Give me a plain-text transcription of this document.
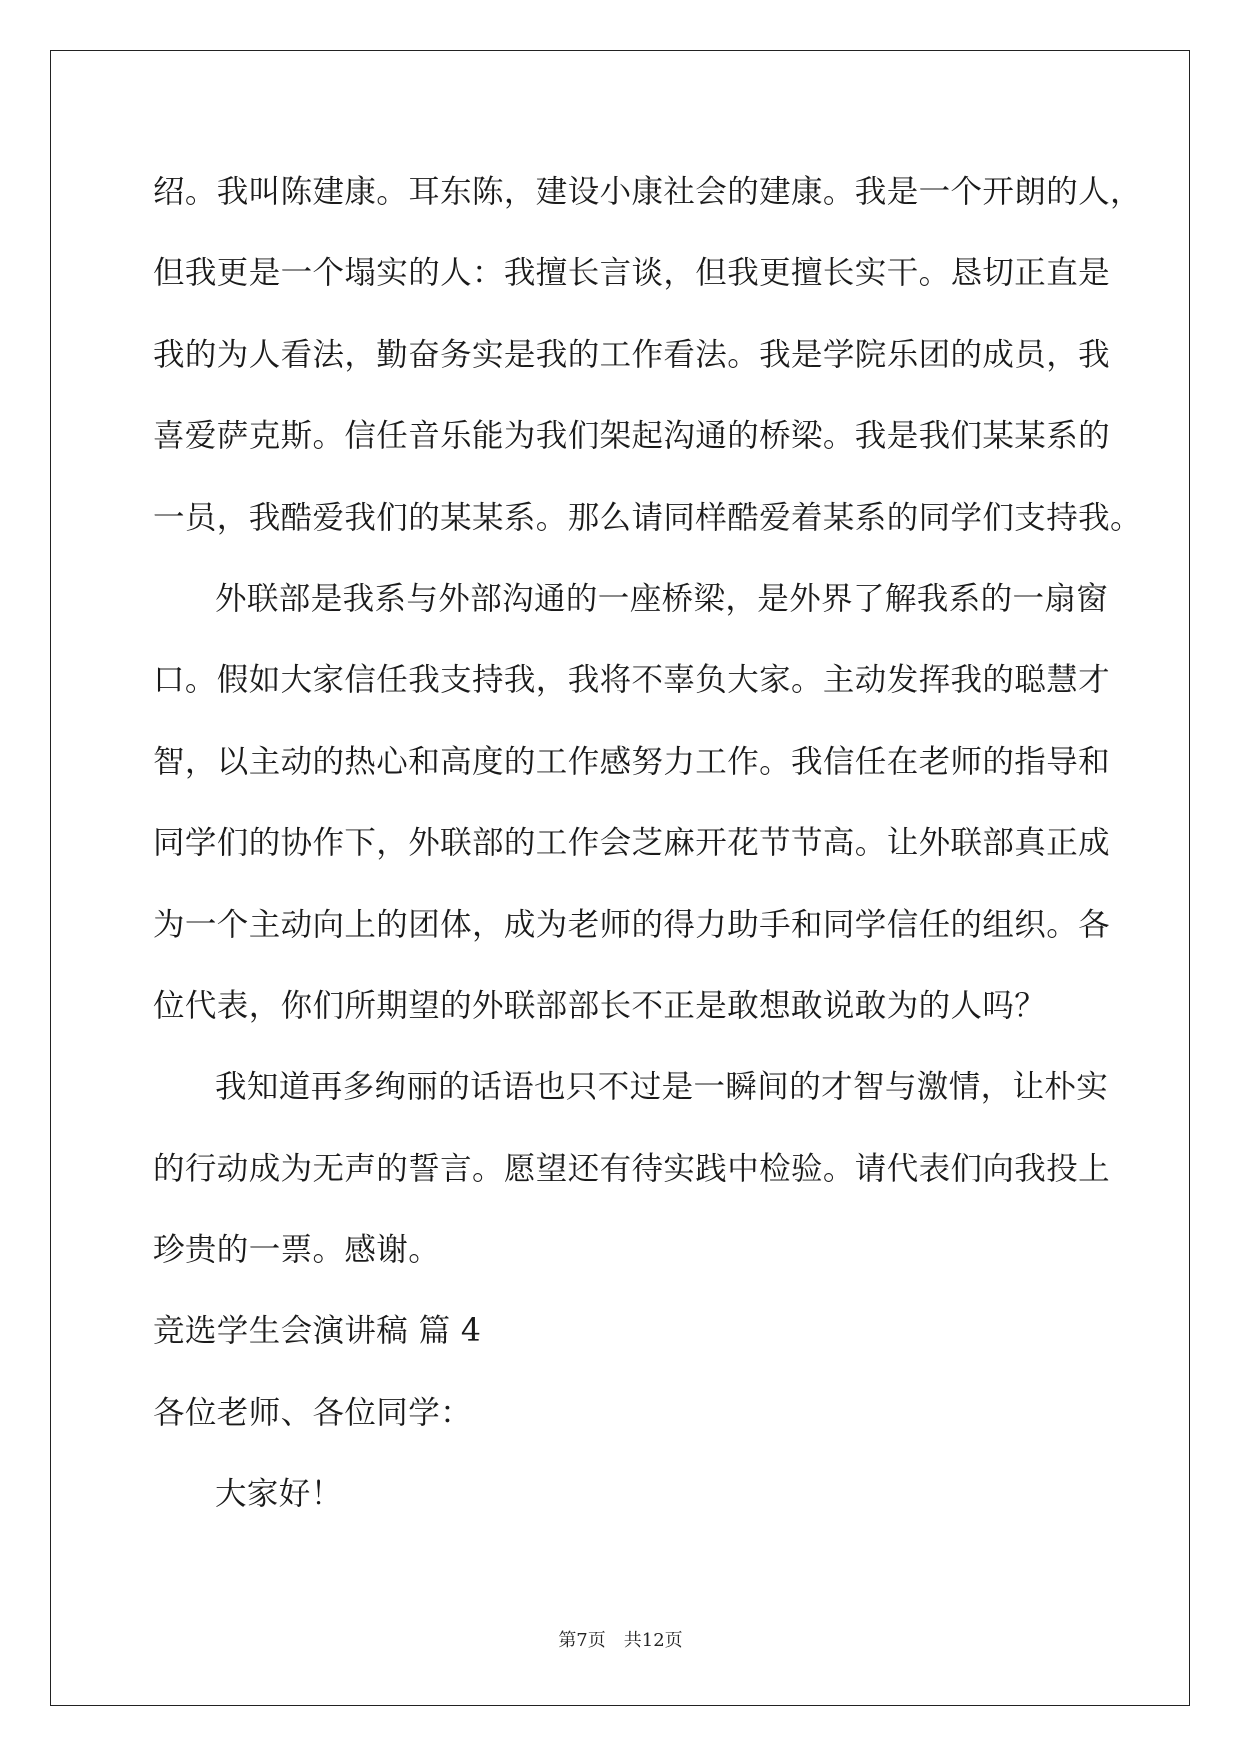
绍。我叫陈建康。耳东陈，建设小康社会的建康。我是一个开朗的人，
但我更是一个塌实的人：我擅长言谈，但我更擅长实干。恳切正直是
我的为人看法，勤奋务实是我的工作看法。我是学院乐团的成员，我
喜爱萨克斯。信任音乐能为我们架起沟通的桥梁。我是我们某某系的
一员，我酷爱我们的某某系。那么请同样酷爱着某系的同学们支持我。
外联部是我系与外部沟通的一座桥梁，是外界了解我系的一扇窗
口。假如大家信任我支持我，我将不辜负大家。主动发挥我的聪慧才
智，以主动的热心和高度的工作感努力工作。我信任在老师的指导和
同学们的协作下，外联部的工作会芝麻开花节节高。让外联部真正成
为一个主动向上的团体，成为老师的得力助手和同学信任的组织。各
位代表，你们所期望的外联部部长不正是敢想敢说敢为的人吗？
我知道再多绚丽的话语也只不过是一瞬间的才智与激情，让朴实
的行动成为无声的誓言。愿望还有待实践中检验。请代表们向我投上
珍贵的一票。感谢。
竞选学生会演讲稿 篇 4
各位老师、各位同学：
大家好！
第7页　共12页
